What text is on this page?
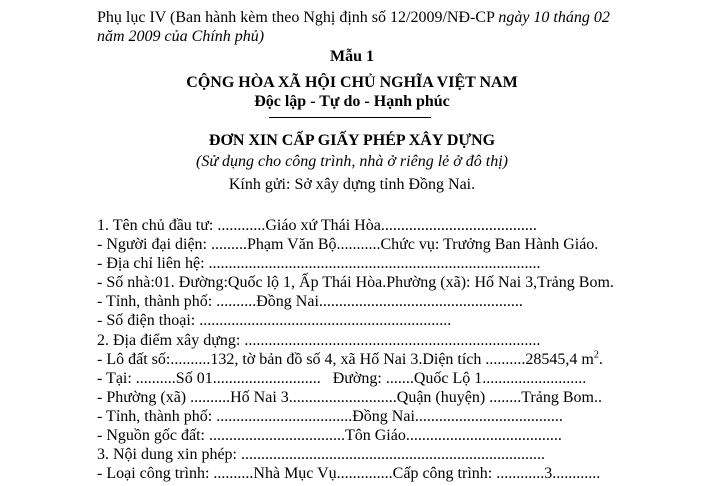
Phụ lục IV (Ban hành kèm theo Nghị định số 12/2009/NĐ-CP ngày 10 tháng 02
năm 2009 của Chính phủ)
Mẫu 1
CỘNG HÒA XÃ HỘI CHỦ NGHĨA VIỆT NAM
Độc lập - Tự do - Hạnh phúc
ĐƠN XIN CẤP GIẤY PHÉP XÂY DỰNG
(Sử dụng cho công trình, nhà ở riêng lẻ ở đô thị)
Kính gửi: Sở xây dựng tỉnh Đồng Nai.
1. Tên chủ đầu tư: ............Giáo xứ Thái Hòa.......................................
- Người đại diện: .........Phạm Văn Bộ...........Chức vụ: Trưởng Ban Hành Giáo.
- Địa chỉ liên hệ: ...................................................................................
- Số nhà:01. Đường:Quốc lộ 1, Ấp Thái Hòa.Phường (xã): Hố Nai 3,Trảng Bom.
- Tỉnh, thành phố: ..........Đồng Nai...................................................
- Số điện thoại: ...............................................................
2. Địa điểm xây dựng: ..........................................................................
- Lô đất số:..........132, tờ bản đồ số 4, xã Hố Nai 3.Diện tích ..........28545,4 $m^2$.
- Tại: ..........Số 01...........................   Đường: .......Quốc Lộ 1..........................
- Phường (xã) ..........Hố Nai 3...........................Quận (huyện) ........Trảng Bom..
- Tỉnh, thành phố: ..................................Đồng Nai.....................................
- Nguồn gốc đất: ..................................Tôn Giáo.......................................
3. Nội dung xin phép: ............................................................................
- Loại công trình: ..........Nhà Mục Vụ..............Cấp công trình: ............3............
